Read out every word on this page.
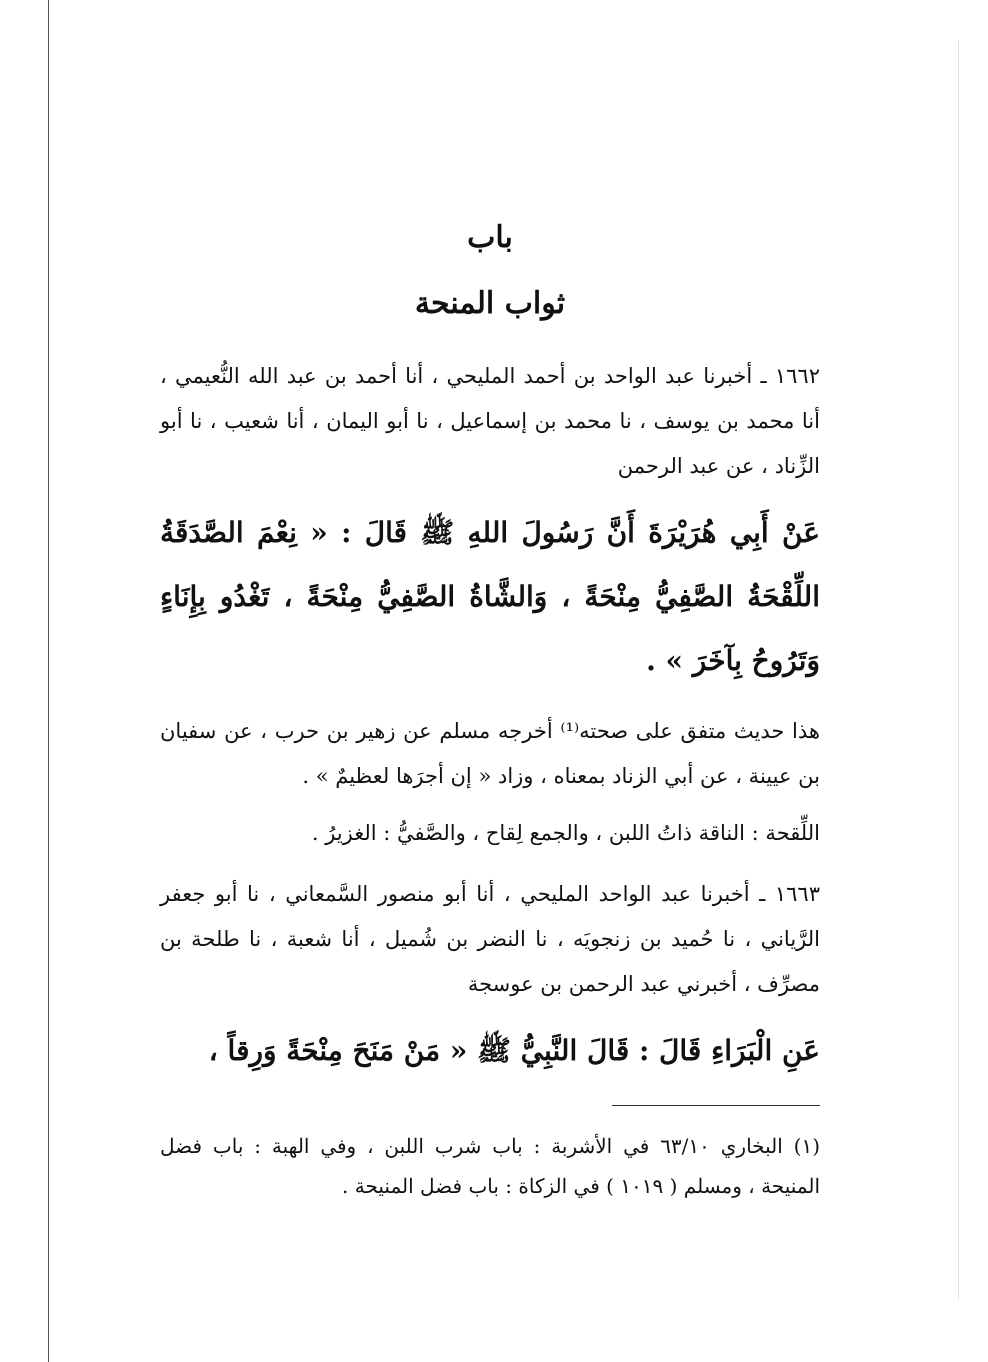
باب
ثواب المنحة

١٦٦٢ ـ أخبرنا عبد الواحد بن أحمد المليحي ، أنا أحمد بن عبد الله النُّعيمي ، أنا محمد بن يوسف ، نا محمد بن إسماعيل ، نا أبو اليمان ، أنا شعيب ، نا أبو الزِّناد ، عن عبد الرحمن

عَنْ أَبِي هُرَيْرَةَ أَنَّ رَسُولَ اللهِ ﷺ قَالَ : « نِعْمَ الصَّدَقَةُ اللِّقْحَةُ الصَّفِيُّ مِنْحَةً ، وَالشَّاةُ الصَّفِيُّ مِنْحَةً ، تَغْدُو بِإِنَاءٍ وَتَرُوحُ بِآخَرَ » .

هذا حديث متفق على صحته⁽¹⁾ أخرجه مسلم عن زهير بن حرب ، عن سفيان بن عيينة ، عن أبي الزناد بمعناه ، وزاد « إن أجرَها لعظيمٌ » .

اللِّقحة : الناقة ذاتُ اللبن ، والجمع لِقاح ، والصَّفيُّ : الغزيرُ .

١٦٦٣ ـ أخبرنا عبد الواحد المليحي ، أنا أبو منصور السَّمعاني ، نا أبو جعفر الرَّياني ، نا حُميد بن زنجويَه ، نا النضر بن شُميل ، أنا شعبة ، نا طلحة بن مصرِّف ، أخبرني عبد الرحمن بن عوسجة

عَنِ الْبَرَاءِ قَالَ : قَالَ النَّبِيُّ ﷺ « مَنْ مَنَحَ مِنْحَةً وَرِقاً ،

(١) البخاري ٦٣/١٠ في الأشربة : باب شرب اللبن ، وفي الهبة : باب فضل المنيحة ، ومسلم ( ١٠١٩ ) في الزكاة : باب فضل المنيحة .
